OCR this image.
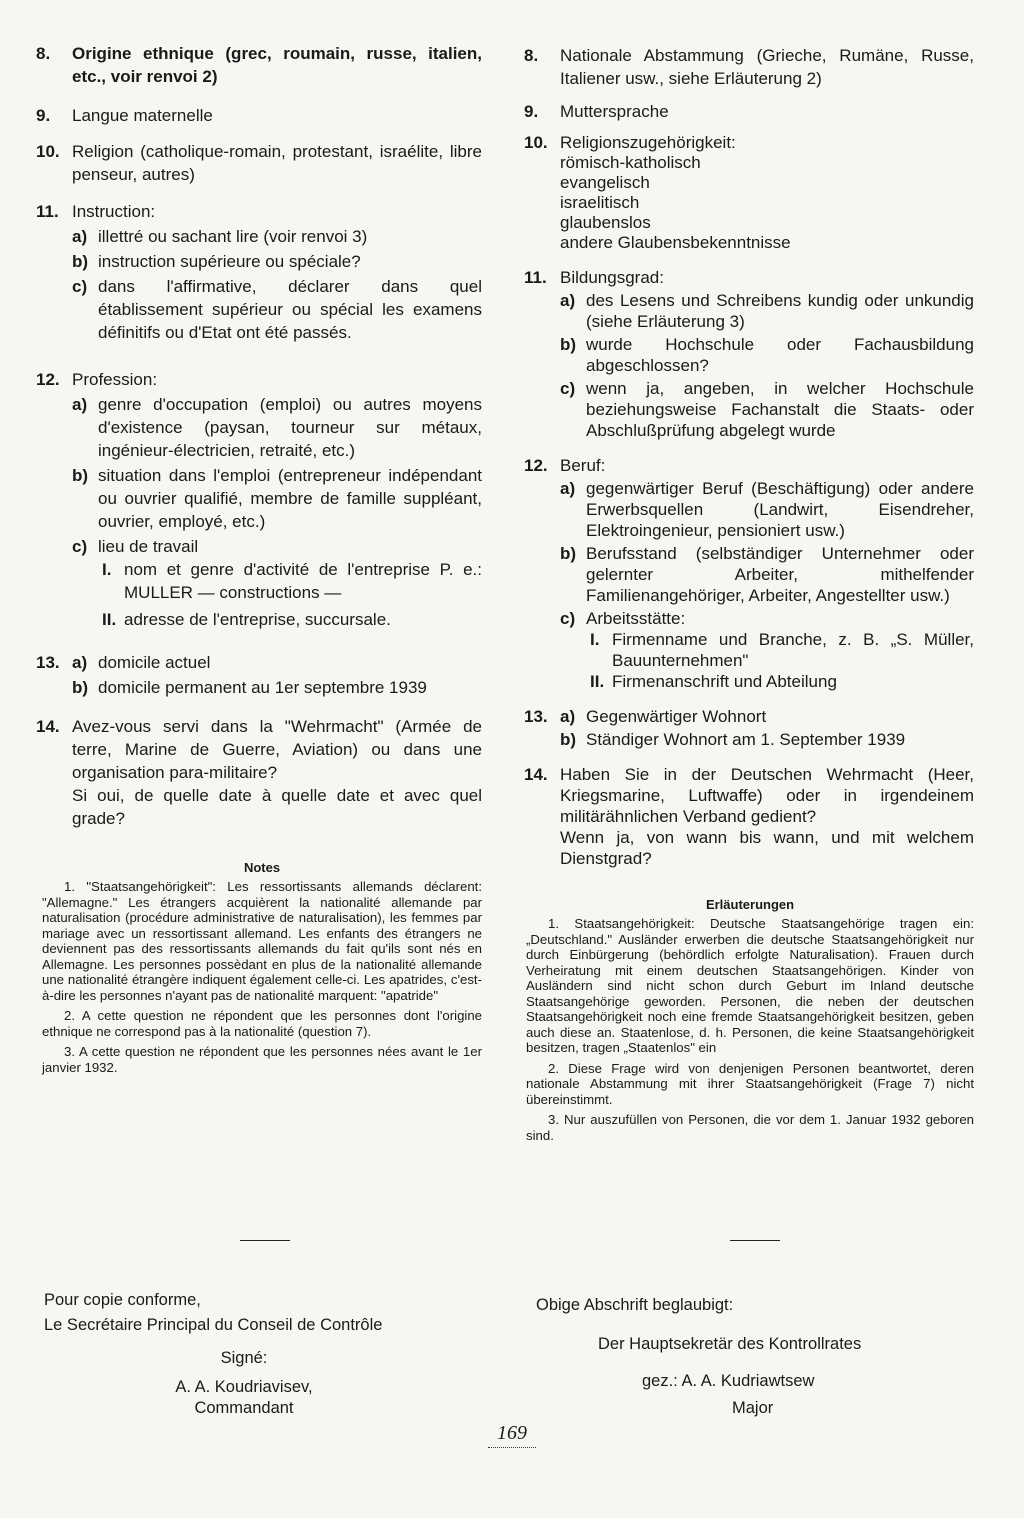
8.	Origine ethnique (grec, roumain, russe, italien, etc., voir renvoi 2)
9.	Langue maternelle
10. Religion (catholique-romain, protestant, israélite, libre penseur, autres)
11. Instruction:
a) illettré ou sachant lire (voir renvoi 3)
b) instruction supérieure ou spéciale?
c) dans l'affirmative, déclarer dans quel établissement supérieur ou spécial les examens définitifs ou d'Etat ont été passés.
12. Profession:
a) genre d'occupation (emploi) ou autres moyens d'existence (paysan, tourneur sur métaux, ingénieur-électricien, retraité, etc.)
b) situation dans l'emploi (entrepreneur indépendant ou ouvrier qualifié, membre de famille suppléant, ouvrier, employé, etc.)
c) lieu de travail
I. nom et genre d'activité de l'entreprise P. e.: MULLER — constructions —
II. adresse de l'entreprise, succursale.
13. a) domicile actuel
b) domicile permanent au 1er septembre 1939
14. Avez-vous servi dans la "Wehrmacht" (Armée de terre, Marine de Guerre, Aviation) ou dans une organisation para-militaire?
Si oui, de quelle date à quelle date et avec quel grade?
Notes

1. "Staatsangehörigkeit": Les ressortissants allemands déclarent: "Allemagne." Les étrangers acquièrent la nationalité allemande par naturalisation (procédure administrative de naturalisation), les femmes par mariage avec un ressortissant allemand. Les enfants des étrangers ne deviennent pas des ressortissants allemands du fait qu'ils sont nés en Allemagne. Les personnes possèdant en plus de la nationalité allemande une nationalité étrangère indiquent également celle-ci. Les apatrides, c'est-à-dire les personnes n'ayant pas de nationalité marquent: "apatride"

2. A cette question ne répondent que les personnes dont l'origine ethnique ne correspond pas à la nationalité (question 7).

3. A cette question ne répondent que les personnes nées avant le 1er janvier 1932.

8.	Nationale Abstammung (Grieche, Rumäne, Russe, Italiener usw., siehe Erläuterung 2)
9.	Muttersprache
10. Religionszugehörigkeit:
römisch-katholisch
evangelisch
israelitisch
glaubenslos
andere Glaubensbekenntnisse
11. Bildungsgrad:
a) des Lesens und Schreibens kundig oder unkundig (siehe Erläuterung 3)
b) wurde Hochschule oder Fachausbildung abgeschlossen?
c) wenn ja, angeben, in welcher Hochschule beziehungsweise Fachanstalt die Staats- oder Abschlußprüfung abgelegt wurde
12. Beruf:
a) gegenwärtiger Beruf (Beschäftigung) oder andere Erwerbsquellen (Landwirt, Eisendreher, Elektroingenieur, pensioniert usw.)
b) Berufsstand (selbständiger Unternehmer oder gelernter Arbeiter, mithelfender Familienangehöriger, Arbeiter, Angestellter usw.)
c) Arbeitsstätte:
I. Firmenname und Branche, z. B. „S. Müller, Bauunternehmen"
II. Firmenanschrift und Abteilung
13. a) Gegenwärtiger Wohnort
b) Ständiger Wohnort am 1. September 1939
14. Haben Sie in der Deutschen Wehrmacht (Heer, Kriegsmarine, Luftwaffe) oder in irgendeinem militärähnlichen Verband gedient?
Wenn ja, von wann bis wann, und mit welchem Dienstgrad?
Erläuterungen

1. Staatsangehörigkeit: Deutsche Staatsangehörige tragen ein: „Deutschland." Ausländer erwerben die deutsche Staatsangehörigkeit nur durch Einbürgerung (behördlich erfolgte Naturalisation). Frauen durch Verheiratung mit einem deutschen Staatsangehörigen. Kinder von Ausländern sind nicht schon durch Geburt im Inland deutsche Staatsangehörige geworden. Personen, die neben der deutschen Staatsangehörigkeit noch eine fremde Staatsangehörigkeit besitzen, geben auch diese an. Staatenlose, d. h. Personen, die keine Staatsangehörigkeit besitzen, tragen „Staatenlos" ein

2. Diese Frage wird von denjenigen Personen beantwortet, deren nationale Abstammung mit ihrer Staatsangehörigkeit (Frage 7) nicht übereinstimmt.

3. Nur auszufüllen von Personen, die vor dem 1. Januar 1932 geboren sind.

Pour copie conforme,
Le Secrétaire Principal du Conseil de Contrôle
Signé:
A. A. Koudriavisev,
Commandant
Obige Abschrift beglaubigt:
Der Hauptsekretär des Kontrollrates
gez.: A. A. Kudriawtsew
Major
169
